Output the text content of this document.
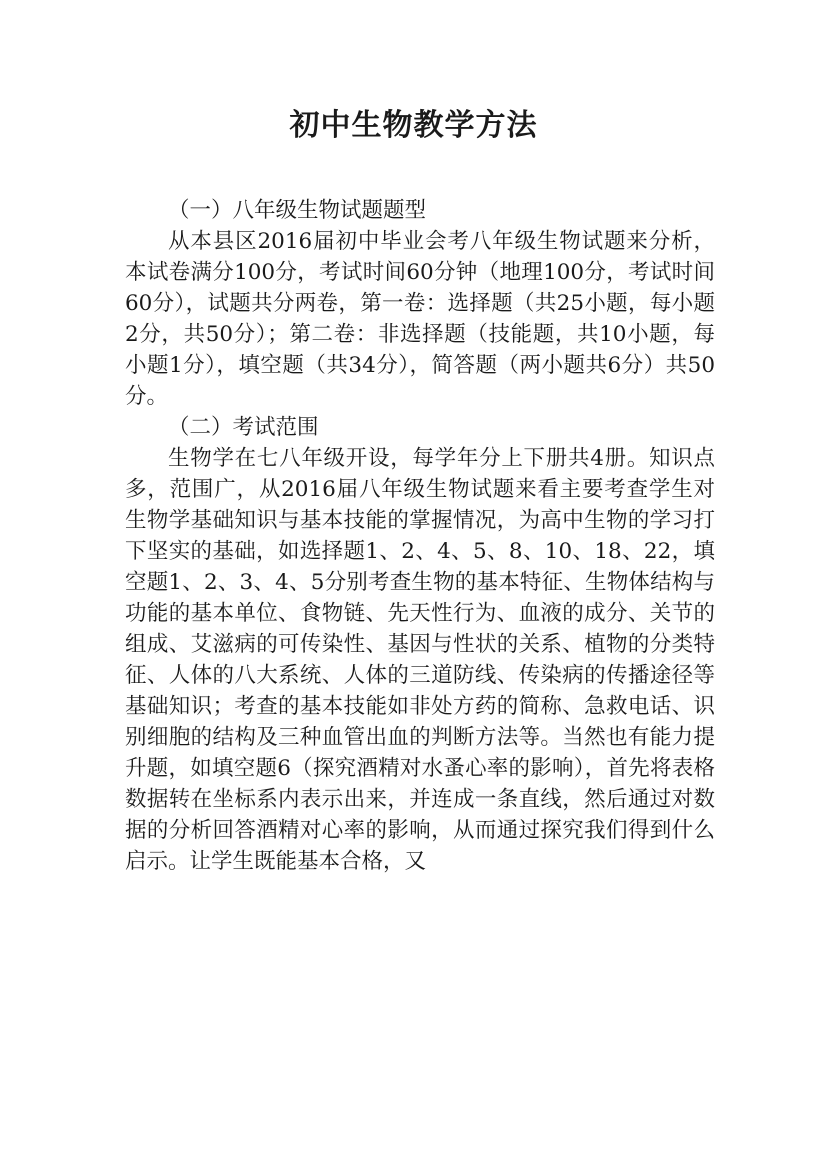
初中生物教学方法

（一）八年级生物试题题型

从本县区2016届初中毕业会考八年级生物试题来分析，本试卷满分100分，考试时间60分钟（地理100分，考试时间60分），试题共分两卷，第一卷：选择题（共25小题，每小题2分，共50分）；第二卷：非选择题（技能题，共10小题，每小题1分），填空题（共34分），简答题（两小题共6分）共50分。

（二）考试范围

生物学在七八年级开设，每学年分上下册共4册。知识点多，范围广，从2016届八年级生物试题来看主要考查学生对生物学基础知识与基本技能的掌握情况，为高中生物的学习打下坚实的基础，如选择题1、2、4、5、8、10、18、22，填空题1、2、3、4、5分别考查生物的基本特征、生物体结构与功能的基本单位、食物链、先天性行为、血液的成分、关节的组成、艾滋病的可传染性、基因与性状的关系、植物的分类特征、人体的八大系统、人体的三道防线、传染病的传播途径等基础知识；考查的基本技能如非处方药的简称、急救电话、识别细胞的结构及三种血管出血的判断方法等。当然也有能力提升题，如填空题6（探究酒精对水蚤心率的影响），首先将表格数据转在坐标系内表示出来，并连成一条直线，然后通过对数据的分析回答酒精对心率的影响，从而通过探究我们得到什么启示。让学生既能基本合格，又
